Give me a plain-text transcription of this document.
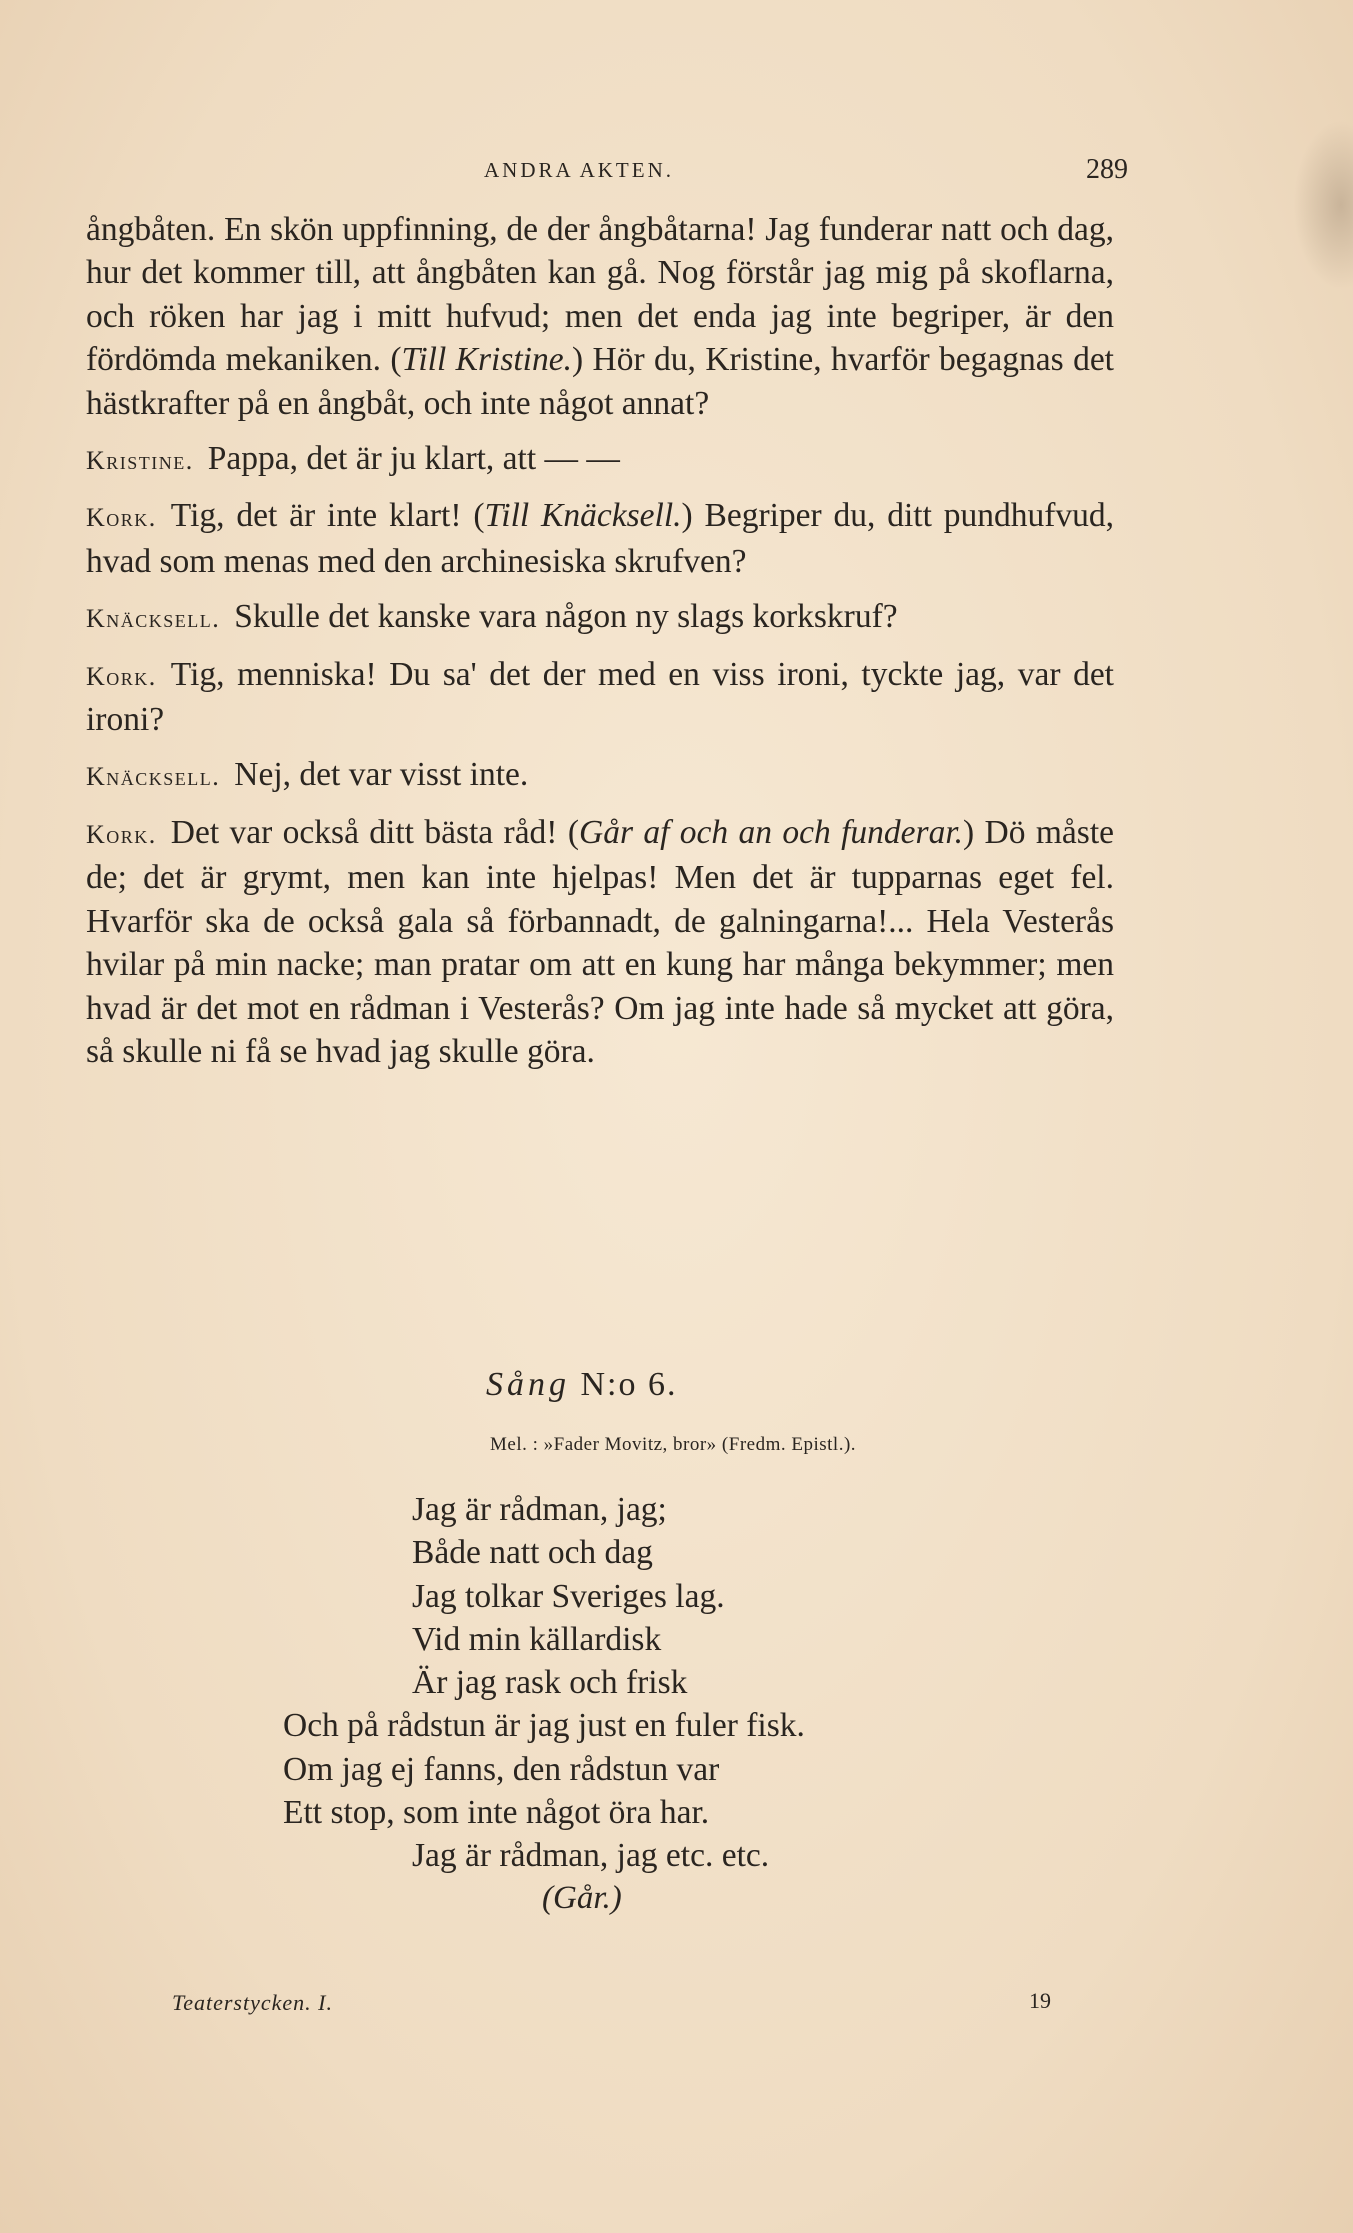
ANDRA AKTEN.	289

ångbåten. En skön uppfinning, de der ångbåtarna! Jag funderar natt och dag, hur det kommer till, att ångbåten kan gå. Nog förstår jag mig på skoflarna, och röken har jag i mitt hufvud; men det enda jag inte begriper, är den fördömda mekaniken. (Till Kristine.) Hör du, Kristine, hvarför begagnas det hästkrafter på en ångbåt, och inte något annat?

Kristine. Pappa, det är ju klart, att — —

Kork. Tig, det är inte klart! (Till Knäcksell.) Begriper du, ditt pundhufvud, hvad som menas med den archinesiska skrufven?

Knäcksell. Skulle det kanske vara någon ny slags korkskruf?

Kork. Tig, menniska! Du sa' det der med en viss ironi, tyckte jag, var det ironi?

Knäcksell. Nej, det var visst inte.

Kork. Det var också ditt bästa råd! (Går af och an och funderar.) Dö måste de; det är grymt, men kan inte hjelpas! Men det är tupparnas eget fel. Hvarför ska de också gala så förbannadt, de galningarna!... Hela Vesterås hvilar på min nacke; man pratar om att en kung har många bekymmer; men hvad är det mot en rådman i Vesterås? Om jag inte hade så mycket att göra, så skulle ni få se hvad jag skulle göra.

Sång N:o 6.
Mel. : »Fader Movitz, bror» (Fredm. Epistl.).
Jag är rådman, jag;
Både natt och dag
Jag tolkar Sveriges lag.
Vid min källardisk
Är jag rask och frisk
Och på rådstun är jag just en fuler fisk.
Om jag ej fanns, den rådstun var
Ett stop, som inte något öra har.
Jag är rådman, jag etc. etc.
(Går.)
Teaterstycken. I.	19
